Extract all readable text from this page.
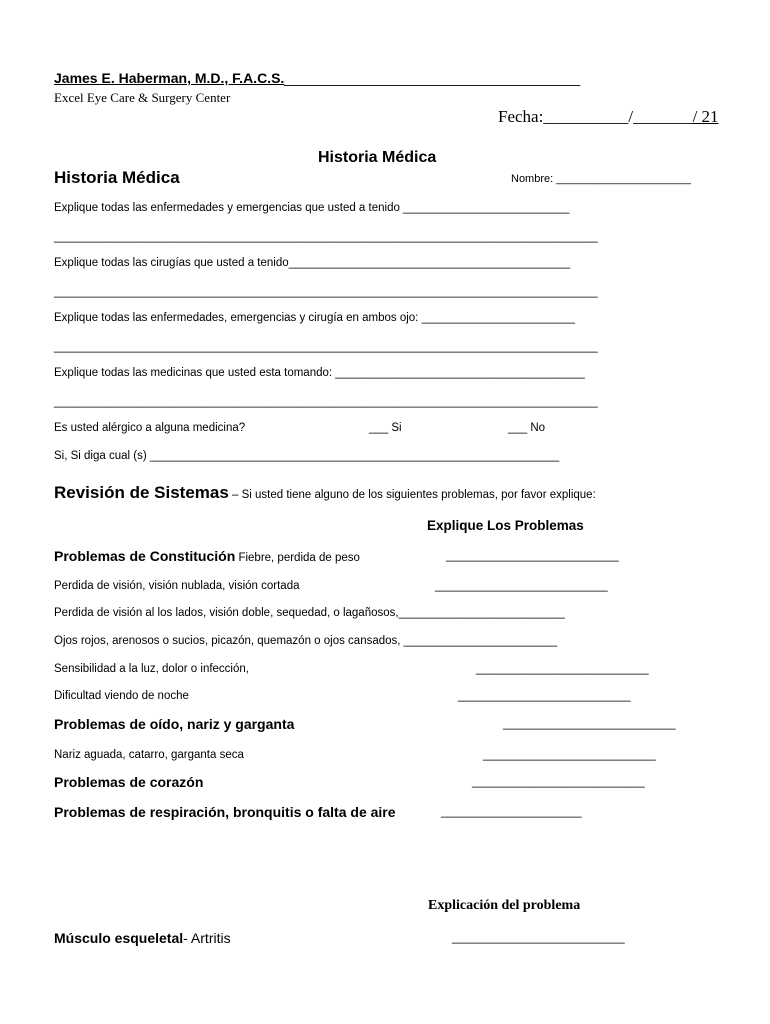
James E. Haberman, M.D., F.A.C.S.______________________________________
Excel Eye Care & Surgery Center
Fecha:__________/_______/ 21
Historia Médica
Historia Médica	Nombre: ______________________
Explique todas las enfermedades y emergencias que usted a tenido __________________________
_____________________________________________________________________________________
Explique todas las cirugías que usted a tenido____________________________________________
_____________________________________________________________________________________
Explique todas las enfermedades, emergencias y cirugía en ambos ojo: ________________________
_____________________________________________________________________________________
Explique todas las medicinas que usted esta tomando: _______________________________________
_____________________________________________________________________________________
Es usted alérgico a alguna medicina?	___ Si	___ No
Si, Si diga cual (s) ________________________________________________________________
Revisión de Sistemas – Si usted tiene alguno de los siguientes problemas, por favor explique:
Explique Los Problemas
Problemas de Constitución Fiebre, perdida de peso	___________________________
Perdida de visión, visión nublada, visión cortada	___________________________
Perdida de visión al los lados, visión doble, sequedad, o lagañosos,__________________________
Ojos rojos, arenosos o sucios, picazón, quemazón o ojos cansados, ________________________
Sensibilidad a la luz, dolor o infección,	___________________________
Dificultad viendo de noche	___________________________
Problemas de oído, nariz y garganta	___________________________
Nariz aguada, catarro, garganta seca	___________________________
Problemas de corazón	___________________________
Problemas de respiración, bronquitis o falta de aire	______________________
Explicación del problema
Músculo esqueletal- Artritis	___________________________
